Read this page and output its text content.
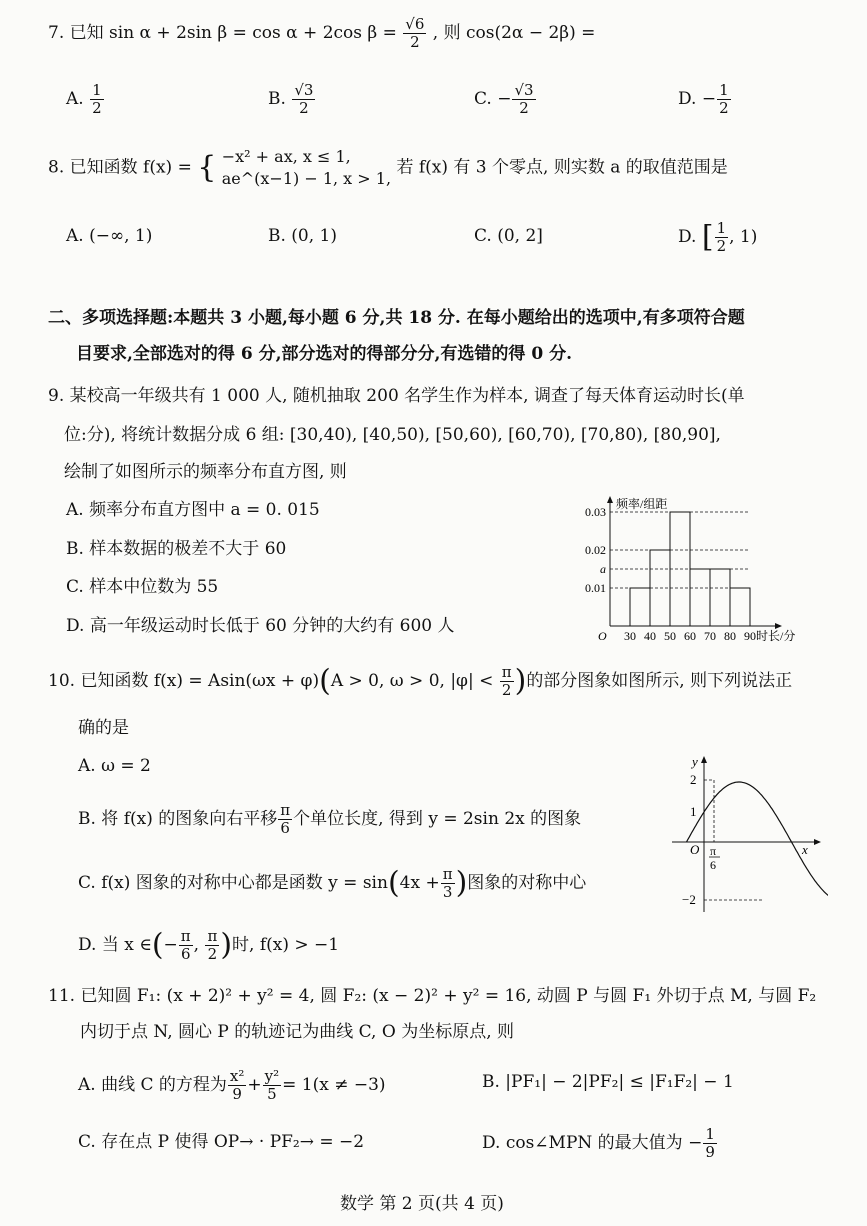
7. 已知 sin α + 2sin β = cos α + 2cos $\beta = \frac{√6}{2}$ , 则 cos(2α − 2β) =
A. $\frac{1}{2}$	B. $\frac{√3}{2}$	C. − $\frac{√3}{2}$	D. − $\frac{1}{2}$
8. 已知函数 f(x) = { −x² + ax, x ≤ 1,
ae^(x−1) − 1, x > 1,
若 f(x) 有 3 个零点, 则实数 a 的取值范围是
A. (−∞, 1)	B. (0, 1)	C. (0, 2]	D. [ $\frac{1}{2}$ , 1)
二、多项选择题:本题共 3 小题,每小题 6 分,共 18 分. 在每小题给出的选项中,有多项符合题
目要求,全部选对的得 6 分,部分选对的得部分分,有选错的得 0 分.
9. 某校高一年级共有 1 000 人, 随机抽取 200 名学生作为样本, 调查了每天体育运动时长(单
位:分), 将统计数据分成 6 组: [30,40), [40,50), [50,60), [60,70), [70,80), [80,90],
绘制了如图所示的频率分布直方图, 则
A. 频率分布直方图中 a = 0. 015
B. 样本数据的极差不大于 60
C. 样本中位数为 55
D. 高一年级运动时长低于 60 分钟的大约有 600 人
0.01
a
0.02
0.03
30 40 50 60 70 80 90
O
频率/组距
时长/分
10. 已知函数 f(x) = Asin(ωx + φ)(A > 0, ω > 0, $|\varphi| < \frac{\pi}{2}$ )的部分图象如图所示, 则下列说法正
确的是
A. ω = 2
B. 将 f(x) 的图象向右平移 $\frac{\pi}{6}$ 个单位长度, 得到 y = 2sin 2x 的图象
C. f(x) 图象的对称中心都是函数 $y = \sin(4x + \frac{\pi}{3}$ )图象的对称中心
D. 当 x ∈(− $\frac{\pi}{6}$ , $\frac{\pi}{2}$ )时, f(x) > −1
y
x
O
2
1
−2
π
6
11. 已知圆 F₁: (x + 2)² + y² = 4, 圆 F₂: (x − 2)² + y² = 16, 动圆 P 与圆 F₁ 外切于点 M, 与圆 F₂
内切于点 N, 圆心 P 的轨迹记为曲线 C, O 为坐标原点, 则
A. 曲线 C 的方程为 $\frac{\text{x²}}{9} + \frac{\text{y²}}{5} = 1(x \ne -3)$	B. |PF₁| − 2|PF₂| ≤ |F₁F₂| − 1
C. 存在点 P 使得 OP→ · PF₂→ = −2	D. cos∠MPN 的最大值为 − $\frac{1}{9}$
数学 第 2 页(共 4 页)
